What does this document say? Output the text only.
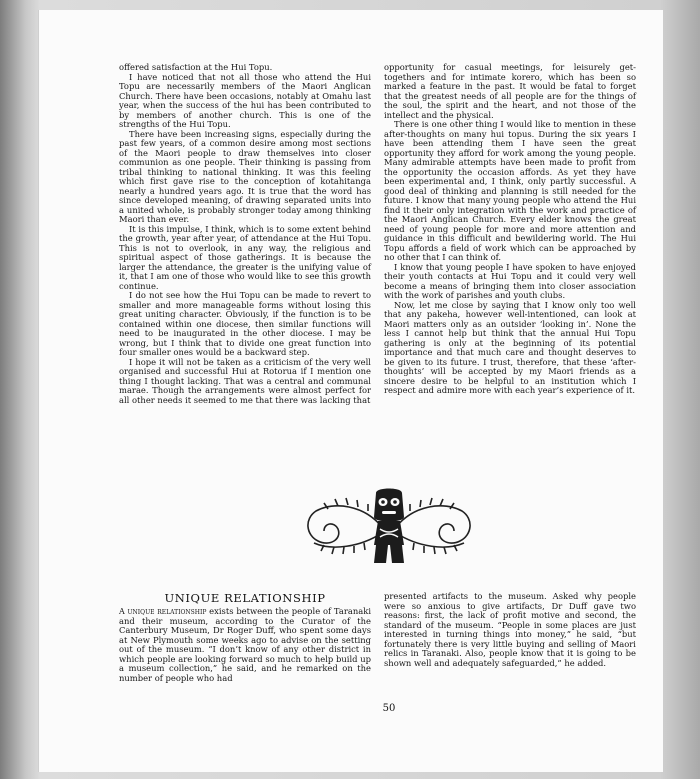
offered satisfaction at the Hui Topu.

I have noticed that not all those who attend the Hui Topu are necessarily members of the Maori Anglican Church. There have been occasions, notably at Omahu last year, when the success of the hui has been contributed to by members of another church. This is one of the strengths of the Hui Topu.

There have been increasing signs, especially during the past few years, of a common desire among most sections of the Maori people to draw themselves into closer communion as one people. Their thinking is passing from tribal thinking to national thinking. It was this feeling which first gave rise to the conception of kotahitanga nearly a hundred years ago. It is true that the word has since developed meaning, of drawing separated units into a united whole, is probably stronger today among thinking Maori than ever.

It is this impulse, I think, which is to some extent behind the growth, year after year, of attendance at the Hui Topu. This is not to overlook, in any way, the religious and spiritual aspect of those gatherings. It is because the larger the attendance, the greater is the unifying value of it, that I am one of those who would like to see this growth continue.

I do not see how the Hui Topu can be made to revert to smaller and more manageable forms without losing this great uniting character. Obviously, if the function is to be contained within one diocese, then similar functions will need to be inaugurated in the other diocese. I may be wrong, but I think that to divide one great function into four smaller ones would be a backward step.

I hope it will not be taken as a criticism of the very well organised and successful Hui at Rotorua if I mention one thing I thought lacking. That was a central and communal marae. Though the arrangements were almost perfect for all other needs it seemed to me that there was lacking that

opportunity for casual meetings, for leisurely get-togethers and for intimate korero, which has been so marked a feature in the past. It would be fatal to forget that the greatest needs of all people are for the things of the soul, the spirit and the heart, and not those of the intellect and the physical.

There is one other thing I would like to mention in these after-thoughts on many hui topus. During the six years I have been attending them I have seen the great opportunity they afford for work among the young people. Many admirable attempts have been made to profit from the opportunity the occasion affords. As yet they have been experimental and, I think, only partly successful. A good deal of thinking and planning is still needed for the future. I know that many young people who attend the Hui find it their only integration with the work and practice of the Maori Anglican Church. Every elder knows the great need of young people for more and more attention and guidance in this difficult and bewildering world. The Hui Topu affords a field of work which can be approached by no other that I can think of.

I know that young people I have spoken to have enjoyed their youth contacts at Hui Topu and it could very well become a means of bringing them into closer association with the work of parishes and youth clubs.

Now, let me close by saying that I know only too well that any pakeha, however well-intentioned, can look at Maori matters only as an outsider ‘looking in’. None the less I cannot help but think that the annual Hui Topu gathering is only at the beginning of its potential importance and that much care and thought deserves to be given to its future. I trust, therefore, that these ‘after-thoughts’ will be accepted by my Maori friends as a sincere desire to be helpful to an institution which I respect and admire more with each year’s experience of it.

UNIQUE RELATIONSHIP

A unique relationship exists between the people of Taranaki and their museum, according to the Curator of the Canterbury Museum, Dr Roger Duff, who spent some days at New Plymouth some weeks ago to advise on the setting out of the museum. “I don’t know of any other district in which people are looking forward so much to help build up a museum collection,” he said, and he remarked on the number of people who had

presented artifacts to the museum. Asked why people were so anxious to give artifacts, Dr Duff gave two reasons: first, the lack of profit motive and second, the standard of the museum. “People in some places are just interested in turning things into money,” he said, “but fortunately there is very little buying and selling of Maori relics in Taranaki. Also, people know that it is going to be shown well and adequately safeguarded,” he added.

50
